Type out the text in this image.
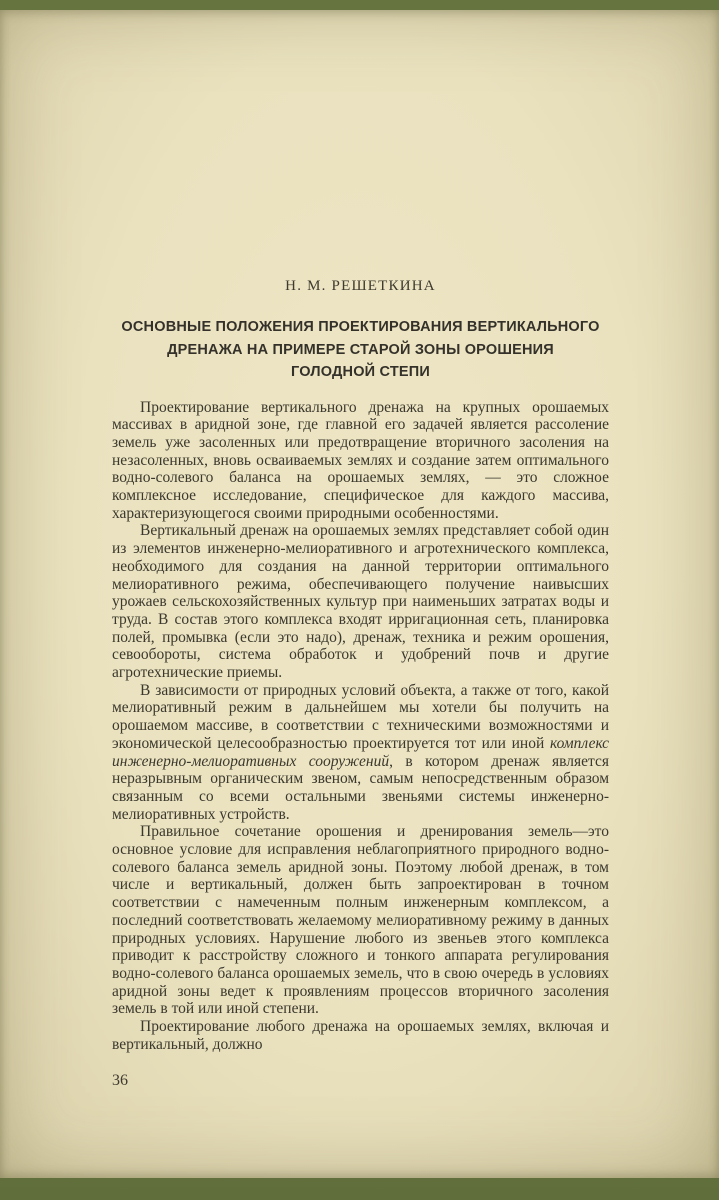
Н. М. РЕШЕТКИНА
ОСНОВНЫЕ ПОЛОЖЕНИЯ ПРОЕКТИРОВАНИЯ ВЕРТИКАЛЬНОГО
ДРЕНАЖА НА ПРИМЕРЕ СТАРОЙ ЗОНЫ ОРОШЕНИЯ
ГОЛОДНОЙ СТЕПИ

Проектирование вертикального дренажа на крупных орошаемых массивах в аридной зоне, где главной его задачей является рассоление земель уже засоленных или предотвращение вторичного засоления на незасоленных, вновь осваиваемых землях и создание затем оптимального водно-солевого баланса на орошаемых землях, — это сложное комплексное исследование, специфическое для каждого массива, характеризующегося своими природными особенностями.

Вертикальный дренаж на орошаемых землях представляет собой один из элементов инженерно-мелиоративного и агротехнического комплекса, необходимого для создания на данной территории оптимального мелиоративного режима, обеспечивающего получение наивысших урожаев сельскохозяйственных культур при наименьших затратах воды и труда. В состав этого комплекса входят ирригационная сеть, планировка полей, промывка (если это надо), дренаж, техника и режим орошения, севообороты, система обработок и удобрений почв и другие агротехнические приемы.

В зависимости от природных условий объекта, а также от того, какой мелиоративный режим в дальнейшем мы хотели бы получить на орошаемом массиве, в соответствии с техническими возможностями и экономической целесообразностью проектируется тот или иной комплекс инженерно-мелиоративных сооружений, в котором дренаж является неразрывным органическим звеном, самым непосредственным образом связанным со всеми остальными звеньями системы инженерно-мелиоративных устройств.

Правильное сочетание орошения и дренирования земель—это основное условие для исправления неблагоприятного природного водно-солевого баланса земель аридной зоны. Поэтому любой дренаж, в том числе и вертикальный, должен быть запроектирован в точном соответствии с намеченным полным инженерным комплексом, а последний соответствовать желаемому мелиоративному режиму в данных природных условиях. Нарушение любого из звеньев этого комплекса приводит к расстройству сложного и тонкого аппарата регулирования водно-солевого баланса орошаемых земель, что в свою очередь в условиях аридной зоны ведет к проявлениям процессов вторичного засоления земель в той или иной степени.

Проектирование любого дренажа на орошаемых землях, включая и вертикальный, должно

36
